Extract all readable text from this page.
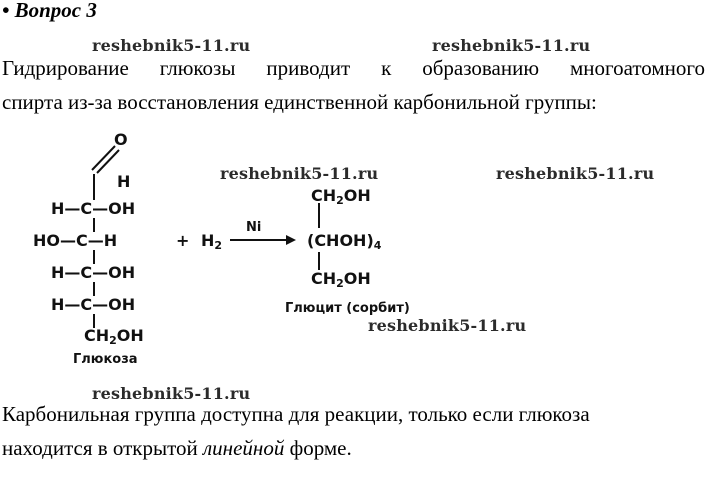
• Вопрос 3
reshebnik5-11.ru	reshebnik5-11.ru
reshebnik5-11.ru	reshebnik5-11.ru
reshebnik5-11.ru
reshebnik5-11.ru
Гидрирование глюкозы приводит к образованию многоатомного
спирта из-за восстановления единственной карбонильной группы:
O
H
H—C—OH
HO—C—H
H—C—OH
H—C—OH
$CH_2OH$
Глюкоза
+ $H_2$
Ni
$CH_2OH$
$(CHOH)_4$
$CH_2OH$
Глюцит (сорбит)
Карбонильная группа доступна для реакции, только если глюкоза
находится в открытой линейной форме.
